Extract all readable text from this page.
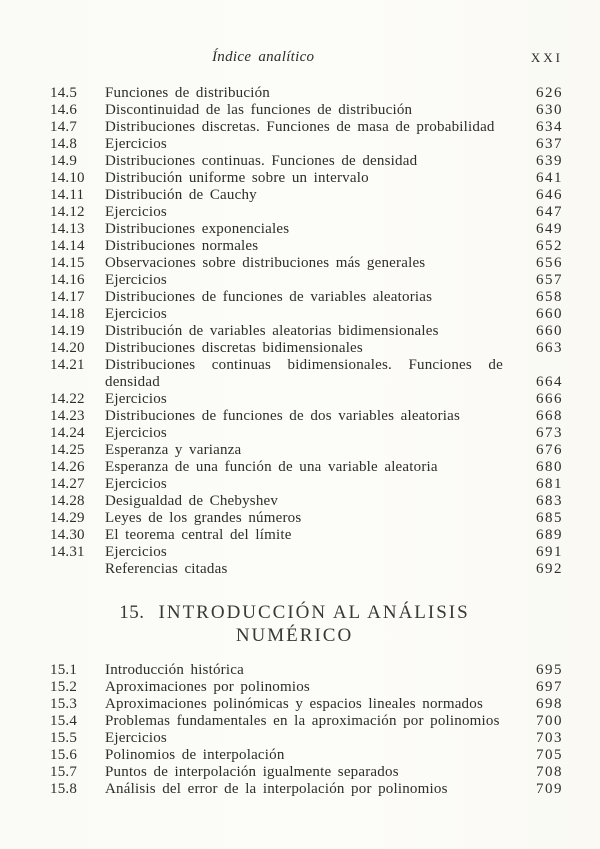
Índice analítico	XXI
14.5	Funciones de distribución	626
14.6	Discontinuidad de las funciones de distribución	630
14.7	Distribuciones discretas. Funciones de masa de probabilidad	634
14.8	Ejercicios	637
14.9	Distribuciones continuas. Funciones de densidad	639
14.10	Distribución uniforme sobre un intervalo	641
14.11	Distribución de Cauchy	646
14.12	Ejercicios	647
14.13	Distribuciones exponenciales	649
14.14	Distribuciones normales	652
14.15	Observaciones sobre distribuciones más generales	656
14.16	Ejercicios	657
14.17	Distribuciones de funciones de variables aleatorias	658
14.18	Ejercicios	660
14.19	Distribución de variables aleatorias bidimensionales	660
14.20	Distribuciones discretas bidimensionales	663
14.21	Distribuciones continuas bidimensionales. Funciones de densidad	664
14.22	Ejercicios	666
14.23	Distribuciones de funciones de dos variables aleatorias	668
14.24	Ejercicios	673
14.25	Esperanza y varianza	676
14.26	Esperanza de una función de una variable aleatoria	680
14.27	Ejercicios	681
14.28	Desigualdad de Chebyshev	683
14.29	Leyes de los grandes números	685
14.30	El teorema central del límite	689
14.31	Ejercicios	691
Referencias citadas	692
15. INTRODUCCIÓN AL ANÁLISIS
NUMÉRICO
15.1	Introducción histórica	695
15.2	Aproximaciones por polinomios	697
15.3	Aproximaciones polinómicas y espacios lineales normados	698
15.4	Problemas fundamentales en la aproximación por polinomios	700
15.5	Ejercicios	703
15.6	Polinomios de interpolación	705
15.7	Puntos de interpolación igualmente separados	708
15.8	Análisis del error de la interpolación por polinomios	709
